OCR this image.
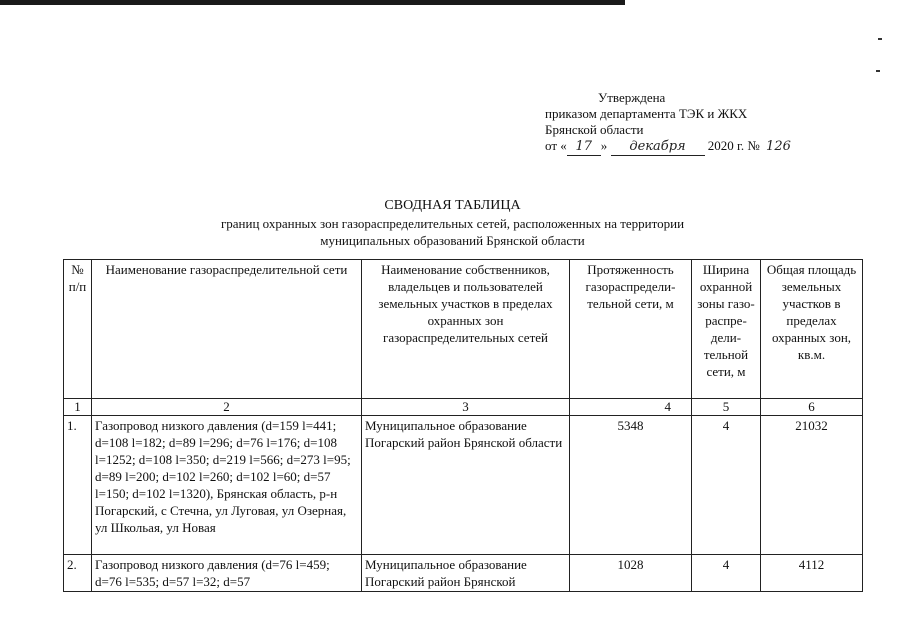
Утверждена
приказом департамента ТЭК и ЖКХ
Брянской области
от « 17 » декабря 2020 г. № 126
СВОДНАЯ ТАБЛИЦА
границ охранных зон газораспределительных сетей, расположенных на территории
муниципальных образований Брянской области
№ п/п	Наименование газораспределительной сети	Наименование собственников, владельцев и пользователей земельных участков в пределах охранных зон газораспределительных сетей	Протяженность газораспредели-тельной сети, м	Ширина охранной зоны газо-распре-дели-тельной сети, м	Общая площадь земельных участков в пределах охранных зон, кв.м.
1	2	3	4	5	6
1.	Газопровод низкого давления (d=159 l=441; d=108 l=182; d=89 l=296; d=76 l=176; d=108 l=1252; d=108 l=350; d=219 l=566; d=273 l=95; d=89 l=200; d=102 l=260; d=102 l=60; d=57 l=150; d=102 l=1320), Брянская область, р-н Погарский, с Стечна, ул Луговая, ул Озерная, ул Школьая, ул Новая	Муниципальное образование Погарский район Брянской области	5348	4	21032
2.	Газопровод низкого давления (d=76 l=459; d=76 l=535; d=57 l=32; d=57	Муниципальное образование Погарский район Брянской	1028	4	4112
